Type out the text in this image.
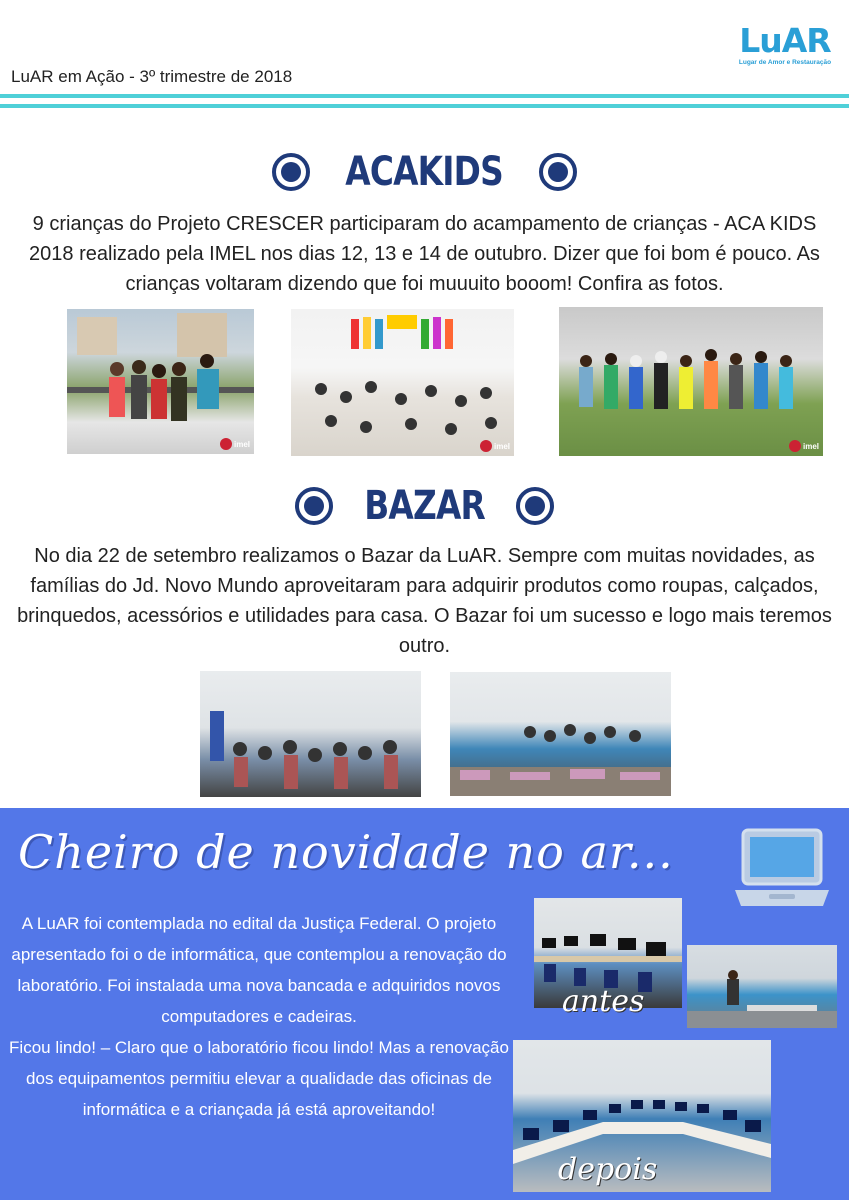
LuAR em Ação - 3º trimestre de 2018
LuAR
Lugar de Amor e Restauração
ACAKIDS
9 crianças do Projeto CRESCER participaram do acampamento de crianças - ACA KIDS 2018 realizado pela IMEL nos dias 12, 13 e 14 de outubro. Dizer que foi bom é pouco. As crianças voltaram dizendo que foi muuuito booom! Confira as fotos.
imel	imel	imel
BAZAR
No dia 22 de setembro realizamos o Bazar da LuAR. Sempre com muitas novidades, as famílias do Jd. Novo Mundo aproveitaram para adquirir produtos como roupas, calçados, brinquedos, acessórios e utilidades para casa. O Bazar foi um sucesso e logo mais teremos outro.
Cheiro de novidade no ar...
A LuAR foi contemplada no edital da Justiça Federal. O projeto apresentado foi o de informática, que contemplou a renovação do laboratório. Foi instalada uma nova bancada e adquiridos novos computadores e cadeiras.
Ficou lindo! – Claro que o laboratório ficou lindo! Mas a renovação dos equipamentos permitiu elevar a qualidade das oficinas de informática e a criançada já está aproveitando!
antes
depois
